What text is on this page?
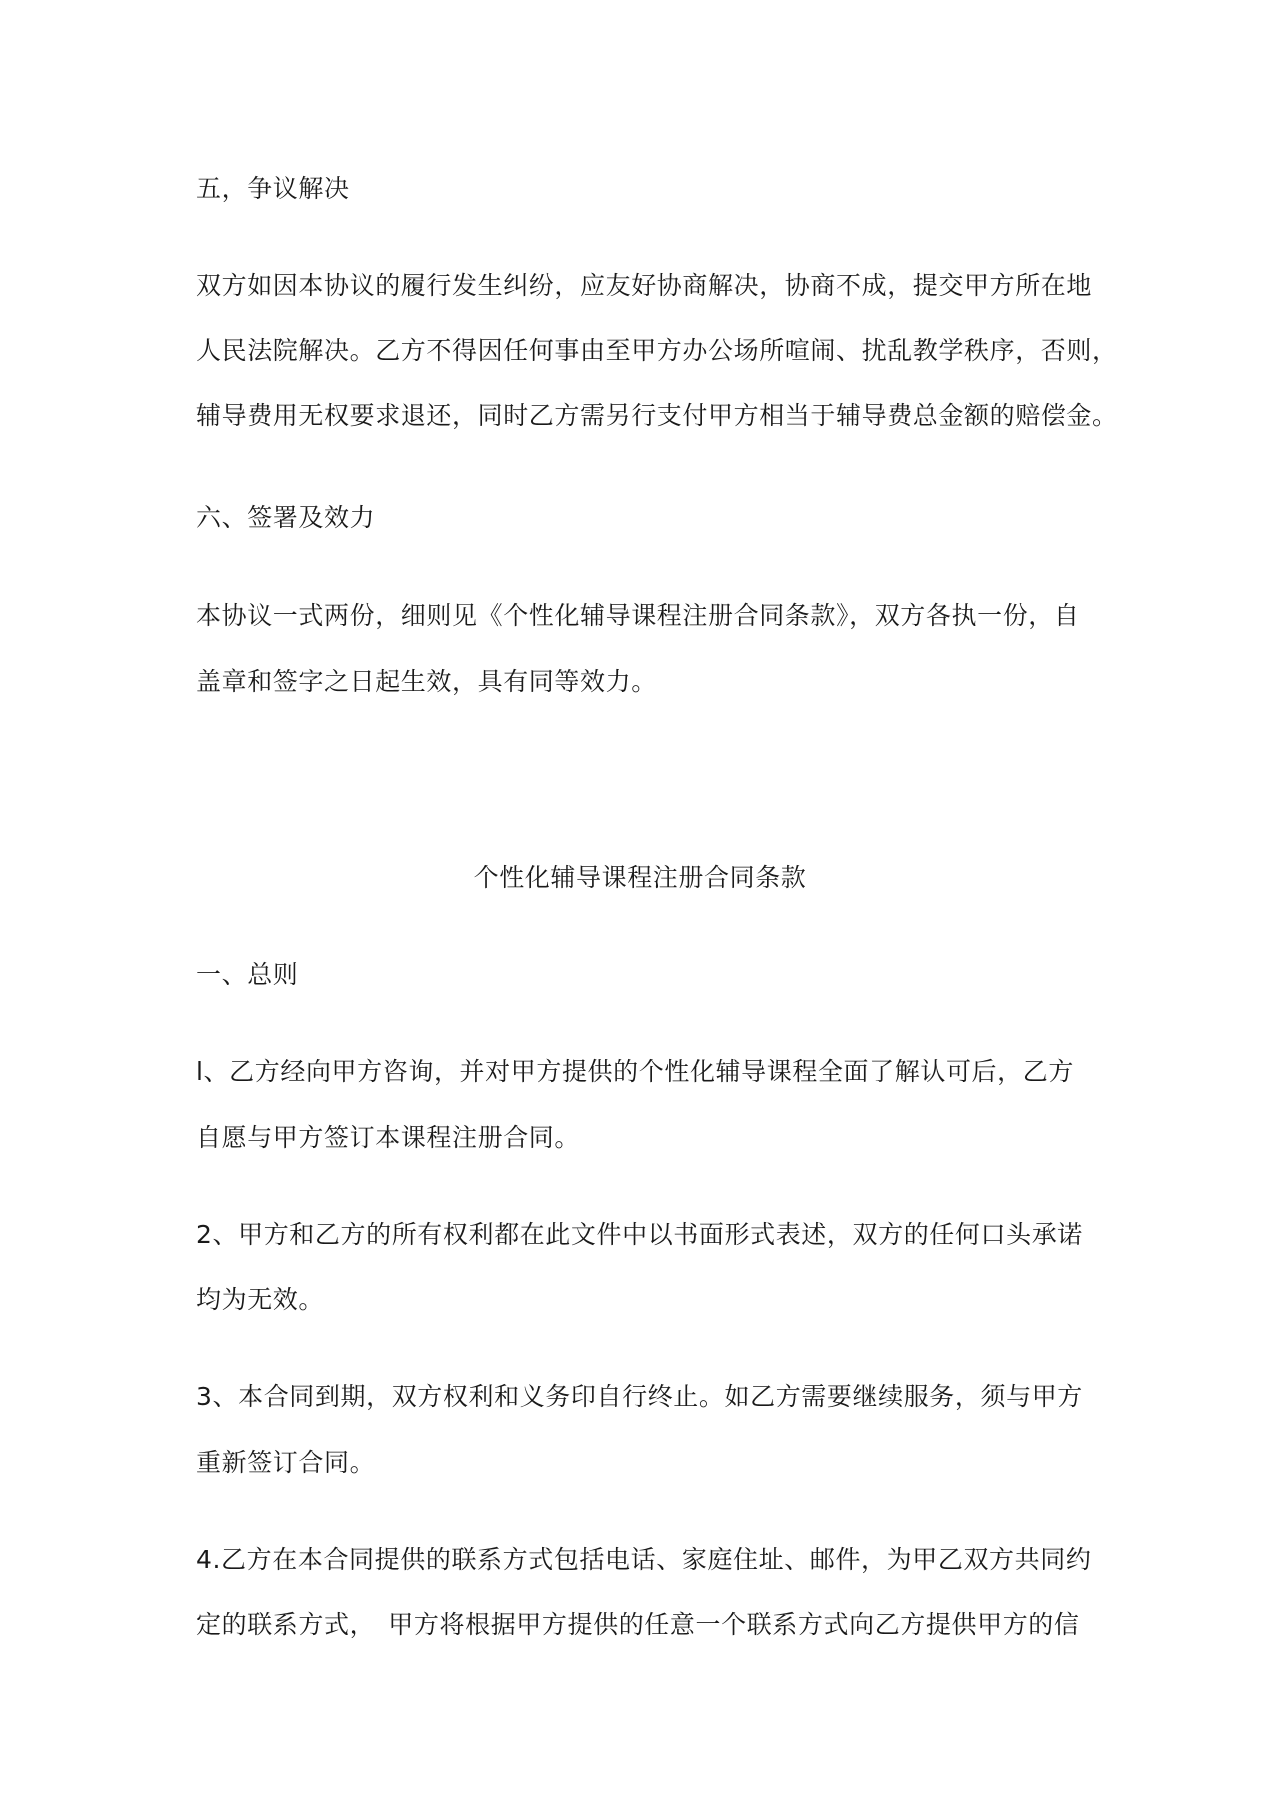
五，争议解决
双方如因本协议的履行发生纠纷，应友好协商解决，协商不成，提交甲方所在地
人民法院解决。乙方不得因任何事由至甲方办公场所喧闹、扰乱教学秩序，否则，
辅导费用无权要求退还，同时乙方需另行支付甲方相当于辅导费总金额的赔偿金。
六、签署及效力
本协议一式两份，细则见《个性化辅导课程注册合同条款》，双方各执一份，自
盖章和签字之日起生效，具有同等效力。
个性化辅导课程注册合同条款
一、总则
l、乙方经向甲方咨询，并对甲方提供的个性化辅导课程全面了解认可后，乙方
自愿与甲方签订本课程注册合同。
2、甲方和乙方的所有权利都在此文件中以书面形式表述，双方的任何口头承诺
均为无效。
3、本合同到期，双方权利和义务印自行终止。如乙方需要继续服务，须与甲方
重新签订合同。
4.乙方在本合同提供的联系方式包括电话、家庭住址、邮件，为甲乙双方共同约
定的联系方式，　甲方将根据甲方提供的任意一个联系方式向乙方提供甲方的信
